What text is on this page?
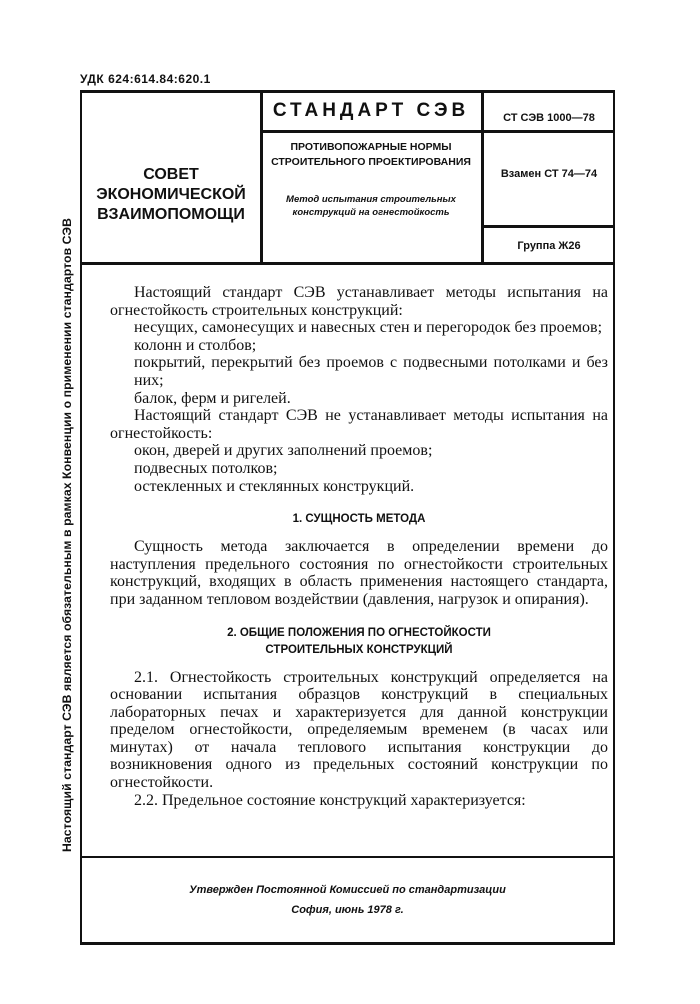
УДК 624:614.84:620.1
Настоящий стандарт СЭВ является обязательным в рамках Конвенции о применении стандартов СЭВ
СОВЕТ ЭКОНОМИЧЕСКОЙ ВЗАИМОПОМОЩИ
СТАНДАРТ СЭВ
ПРОТИВОПОЖАРНЫЕ НОРМЫ СТРОИТЕЛЬНОГО ПРОЕКТИРОВАНИЯ
Метод испытания строительных конструкций на огнестойкость
СТ СЭВ 1000—78
Взамен СТ 74—74
Группа Ж26

Настоящий стандарт СЭВ устанавливает методы испытания на огнестойкость строительных конструкций:

несущих, самонесущих и навесных стен и перегородок без проемов;

колонн и столбов;

покрытий, перекрытий без проемов с подвесными потолками и без них;

балок, ферм и ригелей.

Настоящий стандарт СЭВ не устанавливает методы испытания на огнестойкость:

окон, дверей и других заполнений проемов;

подвесных потолков;

остекленных и стеклянных конструкций.

1. СУЩНОСТЬ МЕТОДА

Сущность метода заключается в определении времени до наступления предельного состояния по огнестойкости строительных конструкций, входящих в область применения настоящего стандарта, при заданном тепловом воздействии (давления, нагрузок и опирания).

2. ОБЩИЕ ПОЛОЖЕНИЯ ПО ОГНЕСТОЙКОСТИ
СТРОИТЕЛЬНЫХ КОНСТРУКЦИЙ

2.1. Огнестойкость строительных конструкций определяется на основании испытания образцов конструкций в специальных лабораторных печах и характеризуется для данной конструкции пределом огнестойкости, определяемым временем (в часах или минутах) от начала теплового испытания конструкции до возникновения одного из предельных состояний конструкции по огнестойкости.

2.2. Предельное состояние конструкций характеризуется:

Утвержден Постоянной Комиссией по стандартизации
София, июнь 1978 г.
